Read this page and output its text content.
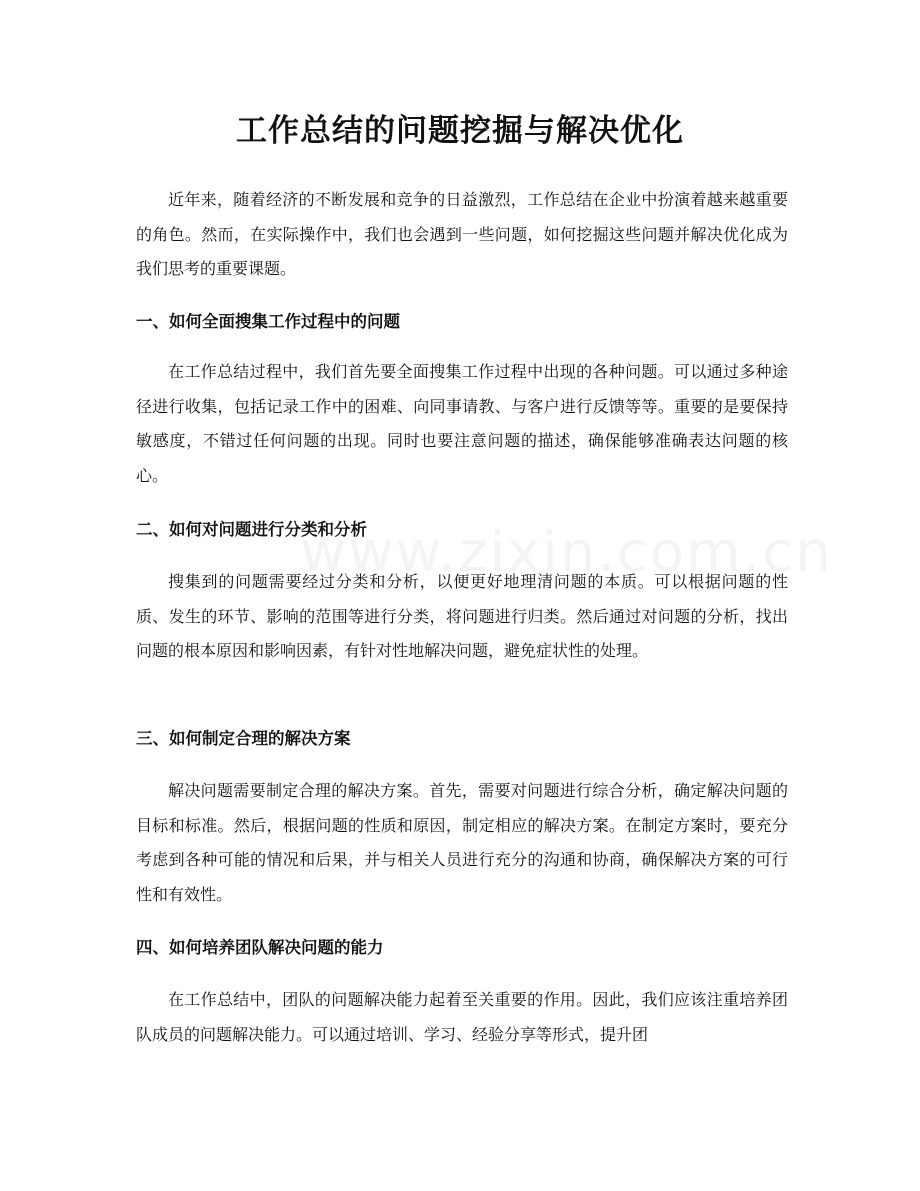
工作总结的问题挖掘与解决优化

近年来，随着经济的不断发展和竞争的日益激烈，工作总结在企业中扮演着越来越重要的角色。然而，在实际操作中，我们也会遇到一些问题，如何挖掘这些问题并解决优化成为我们思考的重要课题。

一、如何全面搜集工作过程中的问题

在工作总结过程中，我们首先要全面搜集工作过程中出现的各种问题。可以通过多种途径进行收集，包括记录工作中的困难、向同事请教、与客户进行反馈等等。重要的是要保持敏感度，不错过任何问题的出现。同时也要注意问题的描述，确保能够准确表达问题的核心。

二、如何对问题进行分类和分析

搜集到的问题需要经过分类和分析，以便更好地理清问题的本质。可以根据问题的性质、发生的环节、影响的范围等进行分类，将问题进行归类。然后通过对问题的分析，找出问题的根本原因和影响因素，有针对性地解决问题，避免症状性的处理。

三、如何制定合理的解决方案

解决问题需要制定合理的解决方案。首先，需要对问题进行综合分析，确定解决问题的目标和标准。然后，根据问题的性质和原因，制定相应的解决方案。在制定方案时，要充分考虑到各种可能的情况和后果，并与相关人员进行充分的沟通和协商，确保解决方案的可行性和有效性。

四、如何培养团队解决问题的能力

在工作总结中，团队的问题解决能力起着至关重要的作用。因此，我们应该注重培养团队成员的问题解决能力。可以通过培训、学习、经验分享等形式，提升团
